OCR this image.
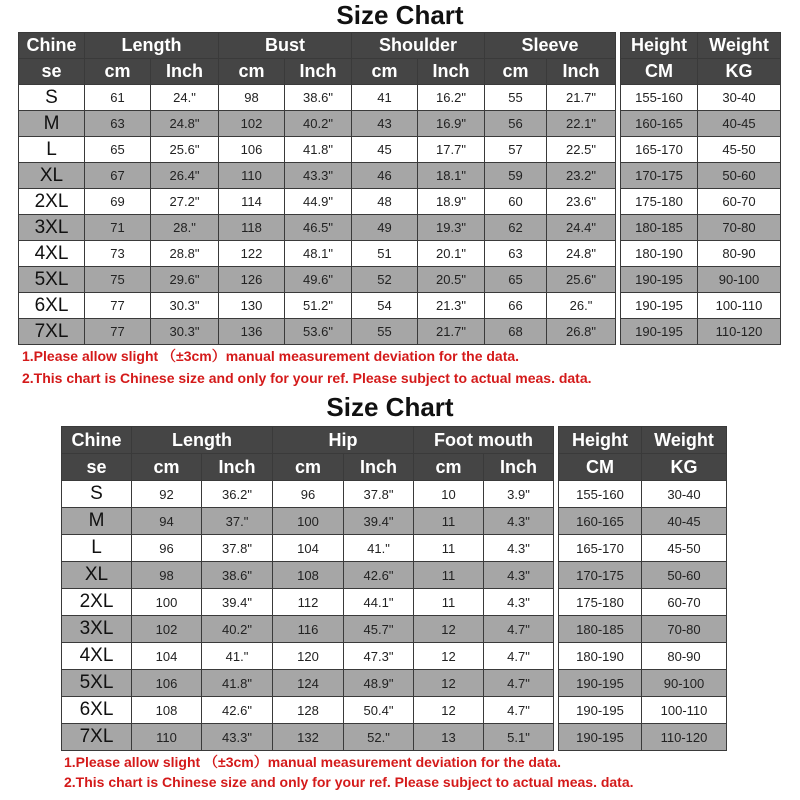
Size Chart
Chine	Length		Bust		Shoulder		Sleeve			Height	Weight
se	cm	Inch	cm	Inch	cm	Inch	cm	Inch		CM	KG
S	61	24."	98	38.6"	41	16.2"	55	21.7"		155-160	30-40
M	63	24.8"	102	40.2"	43	16.9"	56	22.1"		160-165	40-45
L	65	25.6"	106	41.8"	45	17.7"	57	22.5"		165-170	45-50
XL	67	26.4"	110	43.3"	46	18.1"	59	23.2"		170-175	50-60
2XL	69	27.2"	114	44.9"	48	18.9"	60	23.6"		175-180	60-70
3XL	71	28."	118	46.5"	49	19.3"	62	24.4"		180-185	70-80
4XL	73	28.8"	122	48.1"	51	20.1"	63	24.8"		180-190	80-90
5XL	75	29.6"	126	49.6"	52	20.5"	65	25.6"		190-195	90-100
6XL	77	30.3"	130	51.2"	54	21.3"	66	26."		190-195	100-110
7XL	77	30.3"	136	53.6"	55	21.7"	68	26.8"		190-195	110-120
1.Please allow slight （±3cm）manual measurement deviation for the data.
2.This chart is Chinese size and only for your ref. Please subject to actual meas. data.
Size Chart
Chine	Length		Hip		Foot mouth			Height	Weight
se	cm	Inch	cm	Inch	cm	Inch		CM	KG
S	92	36.2"	96	37.8"	10	3.9"		155-160	30-40
M	94	37."	100	39.4"	11	4.3"		160-165	40-45
L	96	37.8"	104	41."	11	4.3"		165-170	45-50
XL	98	38.6"	108	42.6"	11	4.3"		170-175	50-60
2XL	100	39.4"	112	44.1"	11	4.3"		175-180	60-70
3XL	102	40.2"	116	45.7"	12	4.7"		180-185	70-80
4XL	104	41."	120	47.3"	12	4.7"		180-190	80-90
5XL	106	41.8"	124	48.9"	12	4.7"		190-195	90-100
6XL	108	42.6"	128	50.4"	12	4.7"		190-195	100-110
7XL	110	43.3"	132	52."	13	5.1"		190-195	110-120
1.Please allow slight （±3cm）manual measurement deviation for the data.
2.This chart is Chinese size and only for your ref. Please subject to actual meas. data.
